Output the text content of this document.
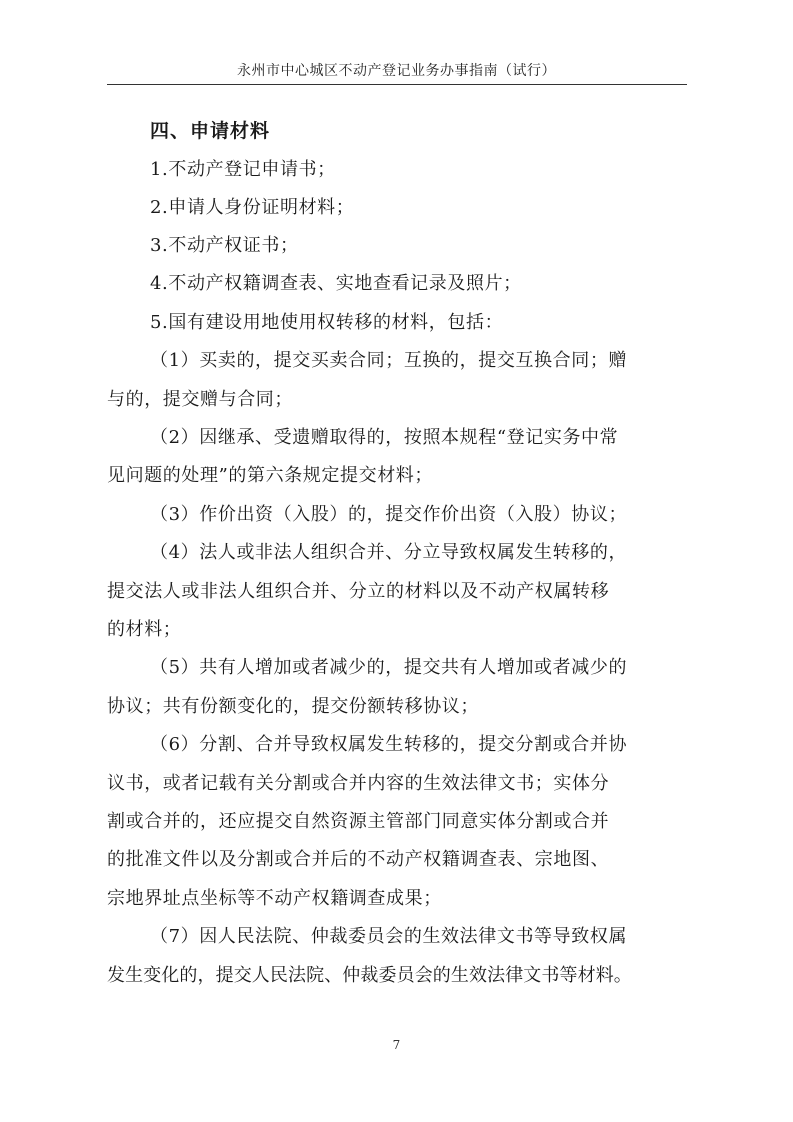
永州市中心城区不动产登记业务办事指南（试行）
四、申请材料
1.不动产登记申请书；
2.申请人身份证明材料；
3.不动产权证书；
4.不动产权籍调查表、实地查看记录及照片；
5.国有建设用地使用权转移的材料，包括：
（1）买卖的，提交买卖合同；互换的，提交互换合同；赠
与的，提交赠与合同；
（2）因继承、受遗赠取得的，按照本规程“登记实务中常
见问题的处理”的第六条规定提交材料；
（3）作价出资（入股）的，提交作价出资（入股）协议；
（4）法人或非法人组织合并、分立导致权属发生转移的，
提交法人或非法人组织合并、分立的材料以及不动产权属转移
的材料；
（5）共有人增加或者减少的，提交共有人增加或者减少的
协议；共有份额变化的，提交份额转移协议；
（6）分割、合并导致权属发生转移的，提交分割或合并协
议书，或者记载有关分割或合并内容的生效法律文书；实体分
割或合并的，还应提交自然资源主管部门同意实体分割或合并
的批准文件以及分割或合并后的不动产权籍调查表、宗地图、
宗地界址点坐标等不动产权籍调查成果；
（7）因人民法院、仲裁委员会的生效法律文书等导致权属
发生变化的，提交人民法院、仲裁委员会的生效法律文书等材料。
7
